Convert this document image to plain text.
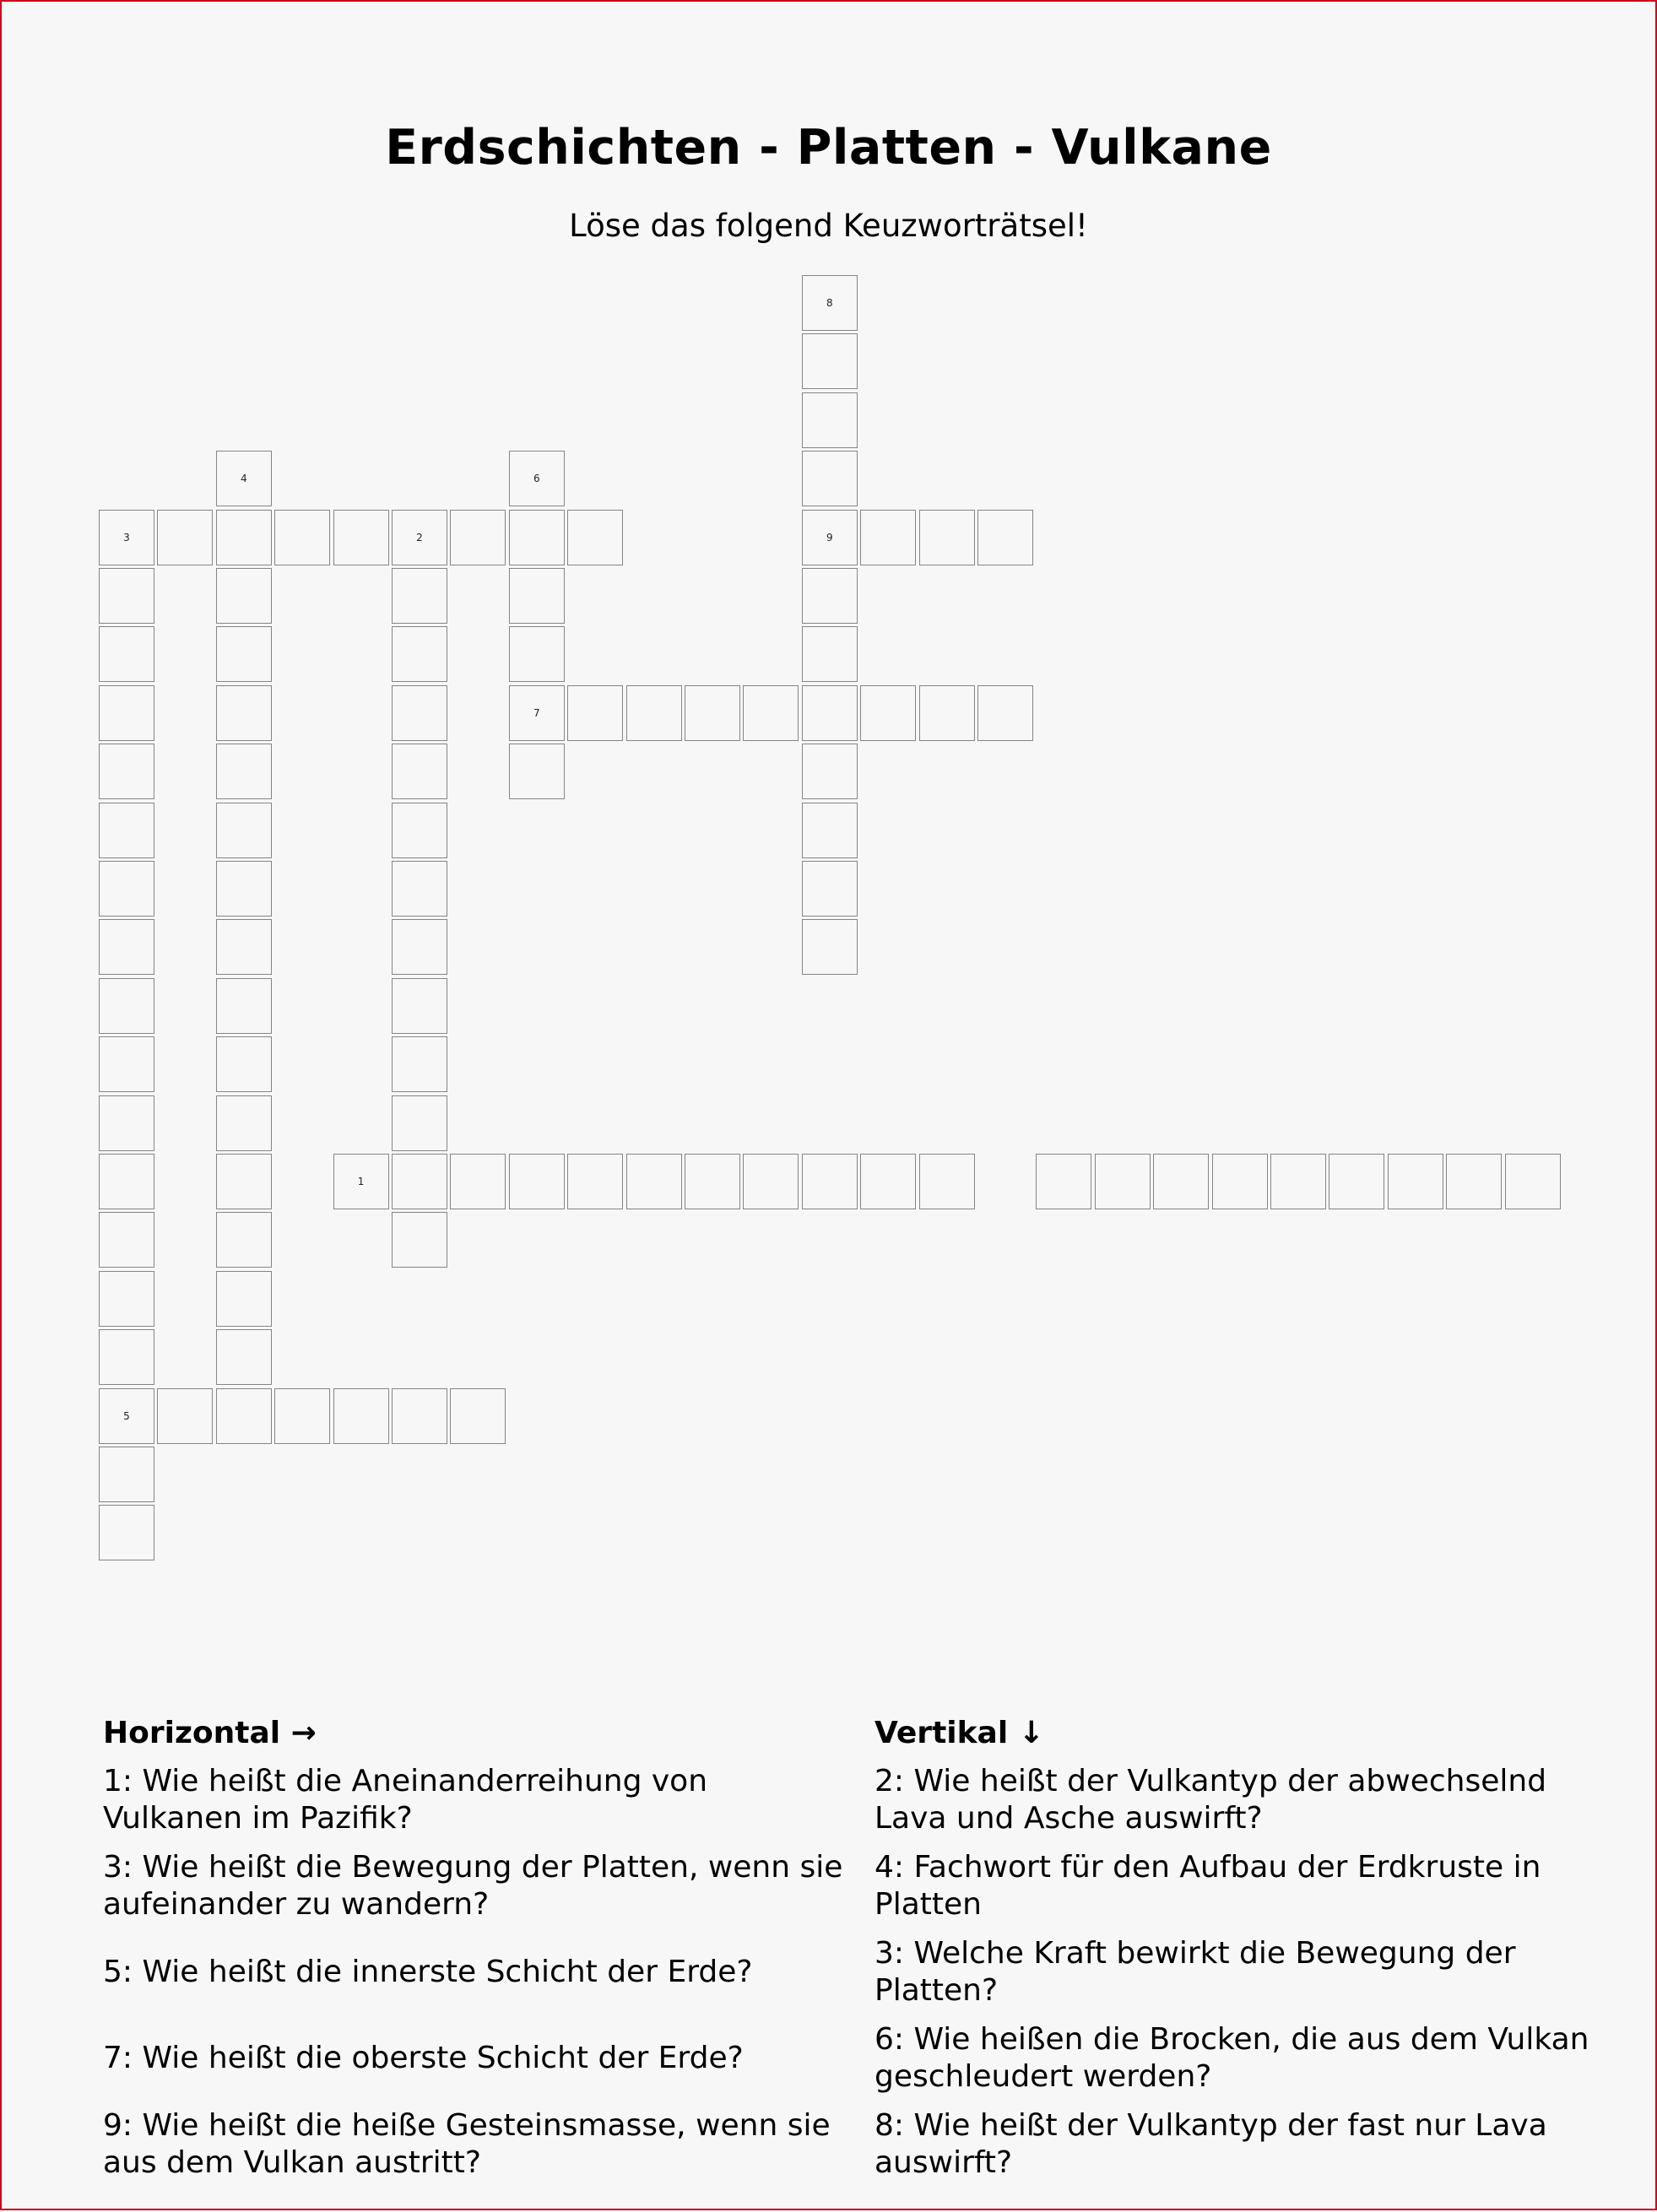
Erdschichten - Platten - Vulkane
Löse das folgend Keuzworträtsel!
8
4	6
3	2	9
7
1
5
Horizontal →
1: Wie heißt die Aneinanderreihung von Vulkanen im Pazifik?
3: Wie heißt die Bewegung der Platten, wenn sie aufeinander zu wandern?
5: Wie heißt die innerste Schicht der Erde?
7: Wie heißt die oberste Schicht der Erde?
9: Wie heißt die heiße Gesteinsmasse, wenn sie aus dem Vulkan austritt?
Vertikal ↓
2: Wie heißt der Vulkantyp der abwechselnd Lava und Asche auswirft?
4: Fachwort für den Aufbau der Erdkruste in Platten
3: Welche Kraft bewirkt die Bewegung der Platten?
6: Wie heißen die Brocken, die aus dem Vulkan geschleudert werden?
8: Wie heißt der Vulkantyp der fast nur Lava auswirft?
